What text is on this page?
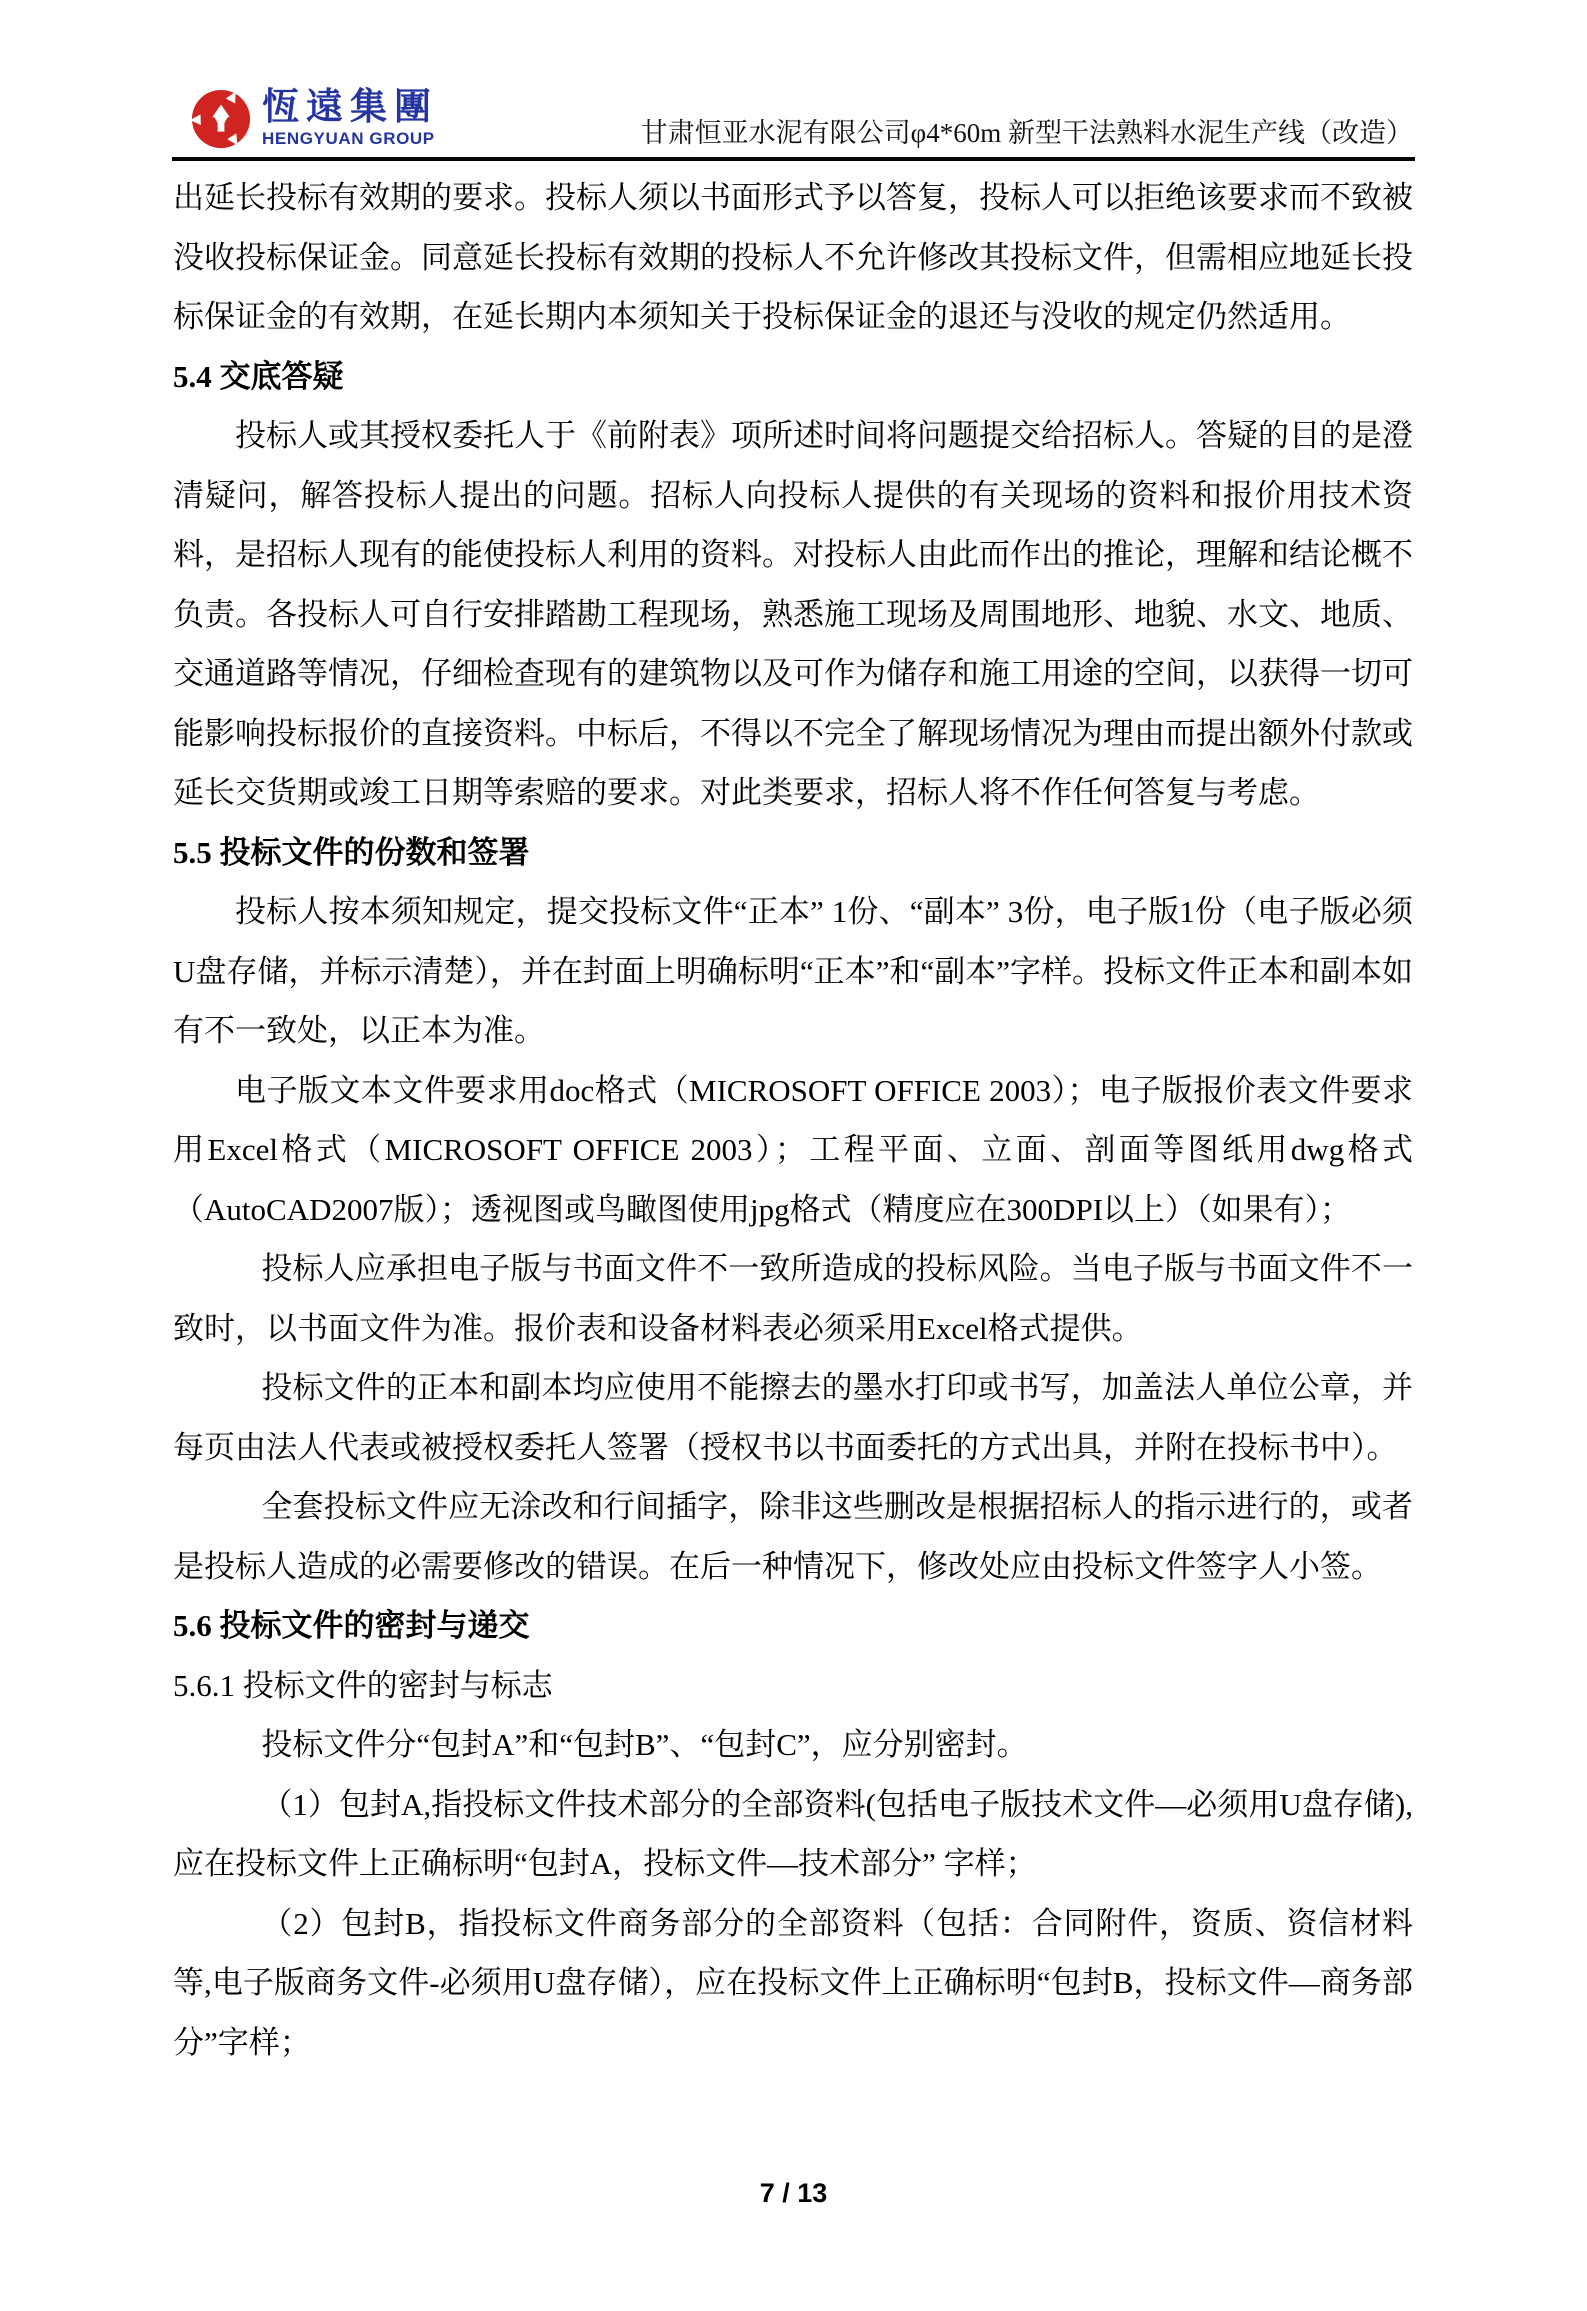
恆遠集團
HENGYUAN GROUP	甘肃恒亚水泥有限公司φ4*60m 新型干法熟料水泥生产线（改造）

出延长投标有效期的要求。投标人须以书面形式予以答复，投标人可以拒绝该要求而不致被没收投标保证金。同意延长投标有效期的投标人不允许修改其投标文件，但需相应地延长投标保证金的有效期，在延长期内本须知关于投标保证金的退还与没收的规定仍然适用。

5.4 交底答疑

投标人或其授权委托人于《前附表》项所述时间将问题提交给招标人。答疑的目的是澄清疑问，解答投标人提出的问题。招标人向投标人提供的有关现场的资料和报价用技术资料，是招标人现有的能使投标人利用的资料。对投标人由此而作出的推论，理解和结论概不负责。各投标人可自行安排踏勘工程现场，熟悉施工现场及周围地形、地貌、水文、地质、交通道路等情况，仔细检查现有的建筑物以及可作为储存和施工用途的空间，以获得一切可能影响投标报价的直接资料。中标后，不得以不完全了解现场情况为理由而提出额外付款或延长交货期或竣工日期等索赔的要求。对此类要求，招标人将不作任何答复与考虑。

5.5 投标文件的份数和签署

投标人按本须知规定，提交投标文件“正本” 1份、“副本” 3份，电子版1份（电子版必须U盘存储，并标示清楚），并在封面上明确标明“正本”和“副本”字样。投标文件正本和副本如有不一致处，以正本为准。

电子版文本文件要求用doc格式（MICROSOFT OFFICE 2003）；电子版报价表文件要求用Excel格式（MICROSOFT OFFICE 2003）；工程平面、立面、剖面等图纸用dwg格式（AutoCAD2007版）；透视图或鸟瞰图使用jpg格式（精度应在300DPI以上）（如果有）；

投标人应承担电子版与书面文件不一致所造成的投标风险。当电子版与书面文件不一致时，以书面文件为准。报价表和设备材料表必须采用Excel格式提供。

投标文件的正本和副本均应使用不能擦去的墨水打印或书写，加盖法人单位公章，并每页由法人代表或被授权委托人签署（授权书以书面委托的方式出具，并附在投标书中）。

全套投标文件应无涂改和行间插字，除非这些删改是根据招标人的指示进行的，或者是投标人造成的必需要修改的错误。在后一种情况下，修改处应由投标文件签字人小签。

5.6 投标文件的密封与递交

5.6.1 投标文件的密封与标志

投标文件分“包封A”和“包封B”、“包封C”，应分别密封。

（1）包封A,指投标文件技术部分的全部资料(包括电子版技术文件—必须用U盘存储),应在投标文件上正确标明“包封A，投标文件—技术部分” 字样；

（2）包封B，指投标文件商务部分的全部资料（包括：合同附件，资质、资信材料等,电子版商务文件-必须用U盘存储），应在投标文件上正确标明“包封B，投标文件—商务部分”字样；

7 / 13
